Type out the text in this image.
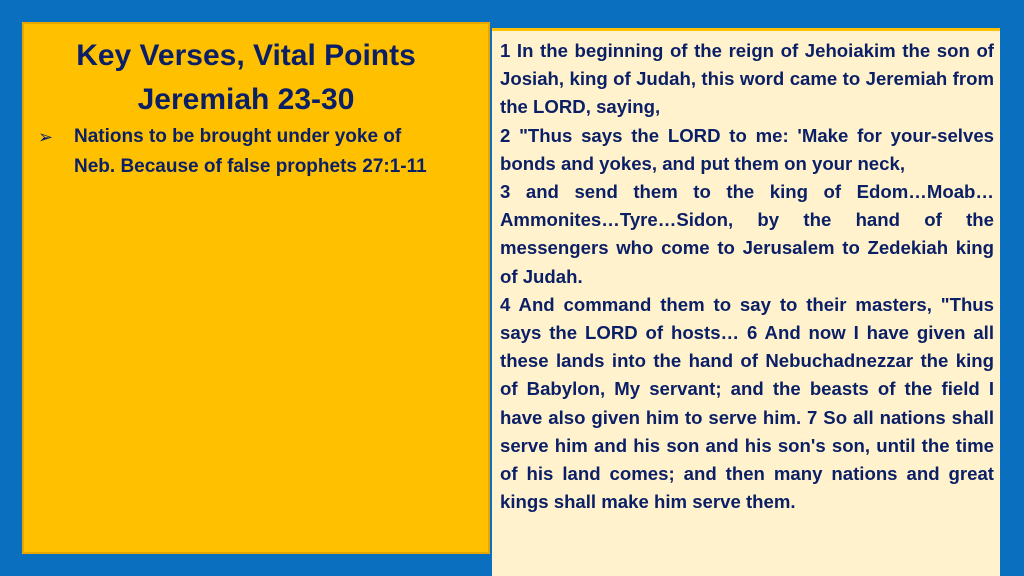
Key Verses, Vital Points
Jeremiah 23-30
➢	Nations to be brought under yoke of
Neb. Because of false prophets 27:1-11

1 In the beginning of the reign of Jehoiakim the son of Josiah, king of Judah, this word came to Jeremiah from the LORD, saying,

2 "Thus says the LORD to me: 'Make for your-selves bonds and yokes, and put them on your neck,

3 and send them to the king of Edom…Moab… Ammonites…Tyre…Sidon, by the hand of the messengers who come to Jerusalem to Zedekiah king of Judah.

4 And command them to say to their masters, "Thus says the LORD of hosts… 6 And now I have given all these lands into the hand of Nebuchadnezzar the king of Babylon, My servant; and the beasts of the field I have also given him to serve him. 7 So all nations shall serve him and his son and his son's son, until the time of his land comes; and then many nations and great kings shall make him serve them.
